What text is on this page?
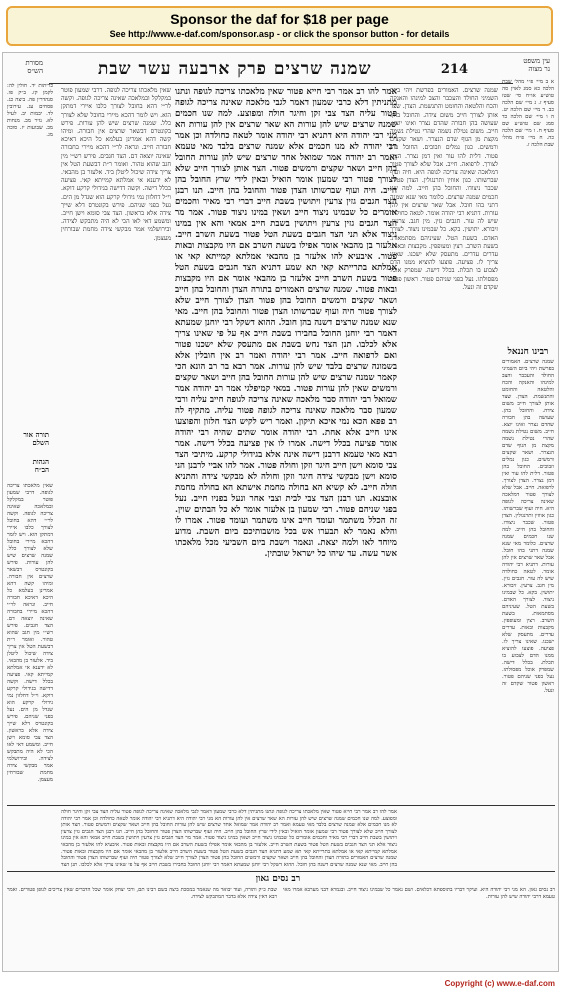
Sponsor the daf for $18 per page
See http://www.e-daf.com/sponsor.asp - or click the sponsor button - for details
214
שמנה שרצים פרק ארבעה עשר שבת
מסורת
הש״ס
עין משפט
נר מצוה
א ב מיי׳ פ״י מהל׳ שבת הלכה כא סמג לאוין סה טוש״ע או״ח סי׳ שטז סעיף ז. ג מיי׳ שם הלכה כב. ד מיי׳ שם הלכה יט. ה ו מיי׳ שם הלכה כד סמג שם טוש״ע שם סעיף ח. ז מיי׳ שם הלכה כה. ח מיי׳ פ״ח מהל׳ שבת הלכה ז.
רבינו חננאל
שמנה שרצים. האמורים בפרשת ויהי ביום השמיני החולד והעכבר והצב למינהו והאנקה והכח והלטאה והחומט והתנשמת. הצדן. שצד אותן לצורך חייב משום צידה. והחובל בהן. שעושה בהן חבורה שהדם נצרר ואינו יוצא. חייב. משום נטילת נשמה שהרי נטילת נשמה מקצת מן הגוף שדם הנצרר. ושאר שקצים ורמשים. כגון נמלים וזבובים. החובל בהן פטור. דלית להו עור ואין דמן נצרר. הצדן לצורך. לרפואה. חייב. אבל שלא לצורך פטור דמלאכה שאינה צריכה לגופה היא. חיה ועוף שברשותו. כגון אווזין ותרנגולין. הצדן פטור. שכבר ניצודו. והחובל בהן חייב. למה שנו חכמים שמנה שרצים. כלומר מאי שנא שמנה דתני בהו חובל. אבל שאר שרצים אין להן עורות. דתניא רבי יהודה אומר. לטאה כחולדה שיש לה עור. חגבים גזין. מין חגב. צרעין. זיבורא. יתושין. בקא. כל שבמינו ניצוד. לצורך האדם. בשעת הטל. שעיניהם מסתמאות. בשעת השרב. רצין ומעופפין. מקבצות ובאות. עדרים עדרים. מתעסק שלא ישכנו. שאינו צריך לו. פציעה. פוצעו להוציא ממנו הדם לצבוע בו תכלת. בכלל דישה. שמפרק אוכל מפסולתו. נעל בפני שניהם פטור. ראשון פטור שקדם זה ונעל.
שמנה שרצים. האמורים בפרשת ויהי ביום השמיני החולד והעכבר והצב למינהו והאנקה והכח והלטאה והחומט והתנשמת. הצדן. שצד אותן לצורך חייב משום צידה. והחובל בהן. שעושה בהן חבורה שהדם נצרר ואינו יוצא. חייב. משום נטילת נשמה שהרי נטילת נשמה מקצת מן הגוף שדם הנצרר. ושאר שקצים ורמשים. כגון נמלים וזבובים. החובל בהן פטור. דלית להו עור ואין דמן נצרר. הצדן לצורך. לרפואה. חייב. אבל שלא לצורך פטור דמלאכה שאינה צריכה לגופה היא. חיה ועוף שברשותו. כגון אווזין ותרנגולין. הצדן פטור. שכבר ניצודו. והחובל בהן חייב. למה שנו חכמים שמנה שרצים. כלומר מאי שנא שמנה דתני בהו חובל. אבל שאר שרצים אין להן עורות. דתניא רבי יהודה אומר. לטאה כחולדה שיש לה עור. חגבים גזין. מין חגב. צרעין. זיבורא. יתושין. בקא. כל שבמינו ניצוד. לצורך האדם. בשעת הטל. שעיניהם מסתמאות. בשעת השרב. רצין ומעופפין. מקבצות ובאות. עדרים עדרים. מתעסק שלא ישכנו. שאינו צריך לו. פציעה. פוצעו להוציא ממנו הדם לצבוע בו תכלת. בכלל דישה. שמפרק אוכל מפסולתו. נעל בפני שניהם פטור. ראשון פטור שקדם זה ונעל.
אמר להו רב אמר רבי חייא פטור שאין מלאכתו צריכה לגופה ונתנו מתניתין דלא כרבי שמעון דאמר לגבי מלאכה שאינה צריכה לגופה פטור עליה הצד צבי זקן וחיגר חולה ומפוצע. למה שנו חכמים שמנה שרצים שיש להן עורות הא שאר שרצים אין להן עורות הא מני רבי יהודה היא דתניא רבי יהודה אומר לטאה כחולדה וכן אמר רבי יהודה לא מנו חכמים אלא שמנה שרצים בלבד מאי טעמא ואמר רב יהודה אמר שמואל אחד שרצים שיש להן עורות החובל בהן חייב ושאר שקצים ורמשים פטור. הצד אותן לצורך חייב שלא לצורך פטור רבי שמעון אומר הואיל ובאין לידי שרץ החובל בהן חייב. חיה ועוף שברשותו הצדן פטור והחובל בהן חייב. תנו רבנן הצד חגבים גזין צרעין ויתושין בשבת חייב דברי רבי מאיר וחכמים אומרים כל שבמינו ניצוד חייב ושאין במינו ניצוד פטור. אמר מר הצד חגבים גזין צרעין ויתושין בשבת חייב אמאי והא אין במינו ניצוד אלא תני הצד חגבים בשעת הטל פטור בשעת השרב חייב. אלעזר בן מהבאי אומר אפילו בשעת השרב אם היו מקבצות ובאות פטור. איבעיא להו אלעזר בן מהבאי אמלתא קמייתא קאי או אמלתא בתרייתא קאי תא שמע דתניא הצד חגבים בשעת הטל פטור בשעת השרב חייב אלעזר בן מהבאי אומר אם היו מקבצות ובאות פטור. שמנה שרצים האמורים בתורה הצדן והחובל בהן חייב ושאר שקצים ורמשים החובל בהן פטור הצדן לצורך חייב שלא לצורך פטור חיה ועוף שברשותו הצדן פטור והחובל בהן חייב. מאי שנא שמנה שרצים דשנה בהן חובל. ההוא דשקל רבי יוחנן שמעתא דאמר רבי יוחנן החובל בחבירו בשבת חייב אף על פי שאינו צריך אלא לכלבו. תנן הצד נחש בשבת אם מתעסק שלא ישכנו פטור ואם לרפואה חייב. אמר רבי יהודה ואמר רב אין חובלין אלא בשמונה שרצים בלבד שיש להן עורות. אמר רבא בר רב הונא הכי קאמר שמנה שרצים שיש להן עורות החובל בהן חייב ושאר שקצים ורמשים שאין להן עורות פטור. במאי קמיפלגי אמר רב יהודה אמר שמואל רבי יהודה סבר מלאכה שאינה צריכה לגופה חייב עליה ורבי שמעון סבר מלאכה שאינה צריכה לגופה פטור עליה. מתקיף לה רב פפא הכא נמי איכא תיקון. ואמר ריש לקיש הצד חלזון והפוצעו אינו חייב אלא אחת. רבי יהודה אומר שתים שהיה רבי יהודה אומר פציעה בכלל דישה. אמרו לו אין פציעה בכלל דישה. אמר רבא מאי טעמא דרבנן דישה אינה אלא בגידולי קרקע. מיתיבי הצד צבי סומא וישן חייב חיגר וזקן וחולה פטור. אמר להו אביי לרבנן הני סומא וישן מבקשי צידה חיגר וזקן וחולה לא מבקשי צידה והתניא חולה חייב. לא קשיא הא בחולה מחמת אישתא הא בחולה מחמת אובצנא. תנו רבנן הצד צבי לבית וצבי אחר ונעל בפניו חייב. נעל בפני שניהם פטור. רבי שמעון בן אלעזר אומר לא כל הבתים שוין. זה הכלל משתמר ועומד חייב אינו משתמר ועומד פטור. אמרו לו והלא נאמר לא תבערו אש בכל מושבותיכם ביום השבת. מדוע מיוחד לאו ולמה יצאת. ונאמר וישבת ביום השביעי מכל מלאכתו אשר עשה. עד שיהו כל ישראל שובתין.
שאין מלאכתו צריכה לגופה. דרבי שמעון פוטר במקלקל ובמלאכה שאינה צריכה לגופה. וקשה לר״י דהא בחובל לצורך כלבו איירי דמתקן הוא. ויש לומר דהכא מיירי בחובל שלא לצורך כלל. שמנה שרצים שיש להן עורות. פירש בקונטרס דבשאר שרצים אין חבורה. ומיהו קשה דהא אמרינן בעלמא כל היכא דאיכא חבורה חייב. ונראה לר״י דהכא מיירי בחבורה שאינה יוצאה דם. הצד חגבים. פירש רש״י מין חגב שהוא טהור. ואומר ר״ת דבשעת הטל אין צריך צידה שיכול ליטלן ביד. אלעזר בן מהבאי. לא ידענא אי אמלתא קמייתא קאי. פציעה בכלל דישה. וקשה דדישה בגידולי קרקע דוקא. וי״ל דחלזון נמי גידולי קרקע הוא שגדל מן הים. נעל בפני שניהם. פירש בקונטרס דלא שייך צידה אלא בראשון. הצד צבי סומא וישן חייב. ומשמע דאי לאו הכי לא היה מתבקש לצידה. ובירושלמי אמר מבקשי צידה מחמת שבורחין מעצמן.
תורה אור
השלם
הגהות
הב״ח
כריתות יד. חולין לה: לקמן קז. ב״ק פו. סנהדרין פה. ביצה כג. פסחים עג. עירובין לד. יבמות יב. לעיל לא. נזיר מב. מנחות מב. שבועות יז. סוכה מג.
שאין מלאכתו צריכה לגופה. דרבי שמעון פוטר במקלקל ובמלאכה שאינה צריכה לגופה. וקשה לר״י דהא בחובל לצורך כלבו איירי דמתקן הוא. ויש לומר דהכא מיירי בחובל שלא לצורך כלל. שמנה שרצים שיש להן עורות. פירש בקונטרס דבשאר שרצים אין חבורה. ומיהו קשה דהא אמרינן בעלמא כל היכא דאיכא חבורה חייב. ונראה לר״י דהכא מיירי בחבורה שאינה יוצאה דם. הצד חגבים. פירש רש״י מין חגב שהוא טהור. ואומר ר״ת דבשעת הטל אין צריך צידה שיכול ליטלן ביד. אלעזר בן מהבאי. לא ידענא אי אמלתא קמייתא קאי. פציעה בכלל דישה. וקשה דדישה בגידולי קרקע דוקא. וי״ל דחלזון נמי גידולי קרקע הוא שגדל מן הים. נעל בפני שניהם. פירש בקונטרס דלא שייך צידה אלא בראשון. הצד צבי סומא וישן חייב. ומשמע דאי לאו הכי לא היה מתבקש לצידה. ובירושלמי אמר מבקשי צידה מחמת שבורחין מעצמן.
אמר להו רב אמר רבי חייא פטור שאין מלאכתו צריכה לגופה ונתנו מתניתין דלא כרבי שמעון דאמר לגבי מלאכה שאינה צריכה לגופה פטור עליה הצד צבי זקן וחיגר חולה ומפוצע. למה שנו חכמים שמנה שרצים שיש להן עורות הא שאר שרצים אין להן עורות הא מני רבי יהודה היא דתניא רבי יהודה אומר לטאה כחולדה וכן אמר רבי יהודה לא מנו חכמים אלא שמנה שרצים בלבד מאי טעמא ואמר רב יהודה אמר שמואל אחד שרצים שיש להן עורות החובל בהן חייב ושאר שקצים ורמשים פטור. הצד אותן לצורך חייב שלא לצורך פטור רבי שמעון אומר הואיל ובאין לידי שרץ החובל בהן חייב. חיה ועוף שברשותו הצדן פטור והחובל בהן חייב. תנו רבנן הצד חגבים גזין צרעין ויתושין בשבת חייב דברי רבי מאיר וחכמים אומרים כל שבמינו ניצוד חייב ושאין במינו ניצוד פטור. אמר מר הצד חגבים גזין צרעין ויתושין בשבת חייב אמאי והא אין במינו ניצוד אלא תני הצד חגבים בשעת הטל פטור בשעת השרב חייב. אלעזר בן מהבאי אומר אפילו בשעת השרב אם היו מקבצות ובאות פטור. איבעיא להו אלעזר בן מהבאי אמלתא קמייתא קאי או אמלתא בתרייתא קאי תא שמע דתניא הצד חגבים בשעת הטל פטור בשעת השרב חייב אלעזר בן מהבאי אומר אם היו מקבצות ובאות פטור. שמנה שרצים האמורים בתורה הצדן והחובל בהן חייב ושאר שקצים ורמשים החובל בהן פטור הצדן לצורך חייב שלא לצורך פטור חיה ועוף שברשותו הצדן פטור והחובל בהן חייב. מאי שנא שמנה שרצים דשנה בהן חובל. ההוא דשקל רבי יוחנן שמעתא דאמר רבי יוחנן החובל בחבירו בשבת חייב אף על פי שאינו צריך אלא לכלבו. תנן הצד
רב נסים גאון
שבת כ״ק ותורה, ועוד יבואר מה שנאמר במסכת ביצה בשם רבינו תם, ורבי יצחק אומר שכל הדברים שאין צריכים לגופן פטורים. ואמר רבא דאין צידה אלא בדבר המתבקש לצידה.
רב נסים גאון. הא מני רבי יהודה היא. ועיקר דבריו בתוספתא דכלאים. ושם נאמר כל שבמינו ניצוד חייב. ובגמרא דבני מערבא אמרו מאי טעמא דרבי יהודה שיש להן עורות.
Copyright (c) www.e-daf.com
